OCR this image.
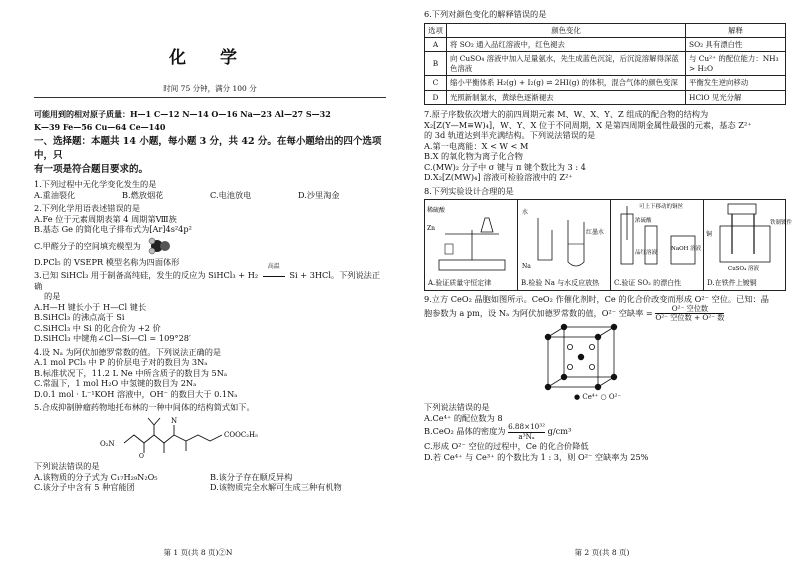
化 学
时间 75 分钟，满分 100 分
可能用到的相对原子质量：H—1 C—12 N—14 O—16 Na—23 Al—27 S—32
K—39 Fe—56 Cu—64 Ce—140
一、选择题：本题共 14 小题，每小题 3 分，共 42 分。在每小题给出的四个选项中，只
有一项是符合题目要求的。
1.下列过程中无化学变化发生的是
A.重油裂化	B.燃放烟花	C.电池放电	D.沙里淘金
2.下列化学用语表述错误的是
A.Fe 位于元素周期表第 4 周期第Ⅷ族
B.基态 Ge 的简化电子排布式为[Ar]4s²4p²
C.甲醛分子的空间填充模型为
D.PCl₅ 的 VSEPR 模型名称为四面体形
3.已知 SiHCl₃ 用于制备高纯硅，发生的反应为 SiHCl₃ + H₂
高温
Si + 3HCl。下列说法正确
的是
A.H—H 键长小于 H—Cl 键长
B.SiHCl₃ 的沸点高于 Si
C.SiHCl₃ 中 Si 的化合价为 +2 价
D.SiHCl₃ 中键角∠Cl—Si—Cl = 109°28′
4.设 Nₐ 为阿伏加德罗常数的值。下列说法正确的是
A.1 mol PCl₃ 中 P 的价层电子对的数目为 3Nₐ
B.标准状况下，11.2 L Ne 中所含质子的数目为 5Nₐ
C.常温下，1 mol H₂O 中氢键的数目为 2Nₐ
D.0.1 mol · L⁻¹KOH 溶液中，OH⁻ 的数目大于 0.1Nₐ
5.合成抑制肿瘤药物地托布林的一种中间体的结构简式如下。
O
O₂N
N
COOC₂H₅
下列说法错误的是
A.该物质的分子式为 C₁₇H₂₉N₂O₅	B.该分子存在顺反异构
C.该分子中含有 5 种官能团	D.该物质完全水解可生成三种有机物
第 1 页(共 8 页)②N
6.下列对颜色变化的解释错误的是
选项	颜色变化	解释
A	将 SO₂ 通入品红溶液中，红色褪去	SO₂ 具有漂白性
B	向 CuSO₄ 溶液中加入足量氨水，先生成蓝色沉淀，后沉淀溶解得深蓝色溶液	与 Cu²⁺ 的配位能力：NH₃ > H₂O
C	缩小平衡体系 H₂(g) + I₂(g) ⇌ 2HI(g) 的体积，混合气体的颜色变深	平衡发生逆向移动
D	光照新制氯水，黄绿色逐渐褪去	HClO 见光分解
7.原子序数依次增大的前四周期元素 M、W、X、Y、Z 组成的配合物的结构为
X₂[Z(Y—M≡W)₄]，W、Y、X 位于不同周期，X 是第四周期金属性最强的元素，基态 Z²⁺
的 3d 轨道达到半充满结构。下列说法错误的是
A.第一电离能：X < W < M
B.X 的氧化物为离子化合物
C.(MW)₂ 分子中 σ 键与 π 键个数比为 3 : 4
D.X₂[Z(MW)₄] 溶液可检验溶液中的 Z²⁺
8.下列实验设计合理的是
稀硫酸
Zn
A.验证质量守恒定律
水
红墨水
Na
B.检验 Na 与水反应放热
可上下移动的铜丝
浓硫酸
品红溶液
NaOH 溶液
C.验证 SO₂ 的漂白性
铜
铁制镀件
CuSO₄ 溶液
D.在铁件上镀铜
9.立方 CeO₂ 晶胞如图所示。CeO₂ 作催化剂时，Ce 的化合价改变而形成 O²⁻ 空位。已知：晶
胞参数为 a pm，设 Nₐ 为阿伏加德罗常数的值，O²⁻ 空缺率 = $\frac{\text{O²⁻ 空位数}}{\text{O²⁻ 空位数 + O²⁻ 数}}$
● Ce⁴⁺ ○ O²⁻
下列说法错误的是
A.Ce⁴⁺ 的配位数为 8
B.CeO₂ 晶体的密度为 $\frac{\text{6.88×10³²}}{\text{a³Nₐ}} g/cm^3$
C.形成 O²⁻ 空位的过程中，Ce 的化合价降低
D.若 Ce⁴⁺ 与 Ce³⁺ 的个数比为 1 : 3，则 O²⁻ 空缺率为 25%
第 2 页(共 8 页)
